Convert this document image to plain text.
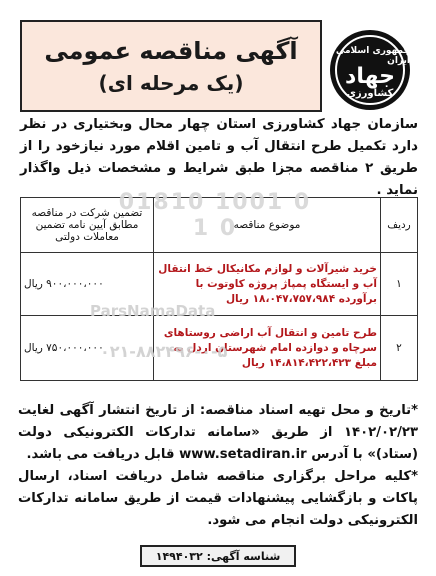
جمهوری اسلامی ایران
جهاد
کشاورزی
آگهی مناقصه عمومی
(یک مرحله ای)
سازمان جهاد کشاورزی استان چهار محال وبختیاری در نظر دارد تکمیل طرح انتقال آب و تامین اقلام مورد نیازخود را از طریق ۲ مناقصه مجزا طبق شرایط و مشخصات ذیل واگذار نماید .
ردیف	موضوع مناقصه	تضمین شرکت در مناقصه مطابق آیین نامه تضمین معاملات دولتی
۱	خرید شیرآلات و لوازم مکانیکال خط انتقال آب و ایستگاه پمپاژ پروژه کاوتوت با برآورده ۱۸،۰۴۷،۷۵۷،۹۸۴ ریال	۹۰۰،۰۰۰،۰۰۰ ریال
۲	طرح تامین و انتقال آب اراضی روستاهای سرچاه و دوازده امام شهرستان اردل به مبلغ ۱۴،۸۱۴،۴۲۲،۴۲۳ ریال	۷۵۰،۰۰۰،۰۰۰ ریال
01810 1001 0 1 0
ParsNamaData
۰۲۱-۸۸۲۴۹۶-۰-۵

*تاریخ و محل تهیه اسناد مناقصه: از تاریخ انتشار آگهی لغایت ۱۴۰۲/۰۲/۲۳ از طریق «سامانه تدارکات الکترونیکی دولت (ستاد)» با آدرس www.setadiran.ir قابل دریافت می باشد.

*کلیه مراحل برگزاری مناقصه شامل دریافت اسناد، ارسال پاکات و بازگشایی پیشنهادات قیمت از طریق سامانه تدارکات الکترونیکی دولت انجام می شود.

شناسه آگهی: ۱۴۹۴۰۳۲
